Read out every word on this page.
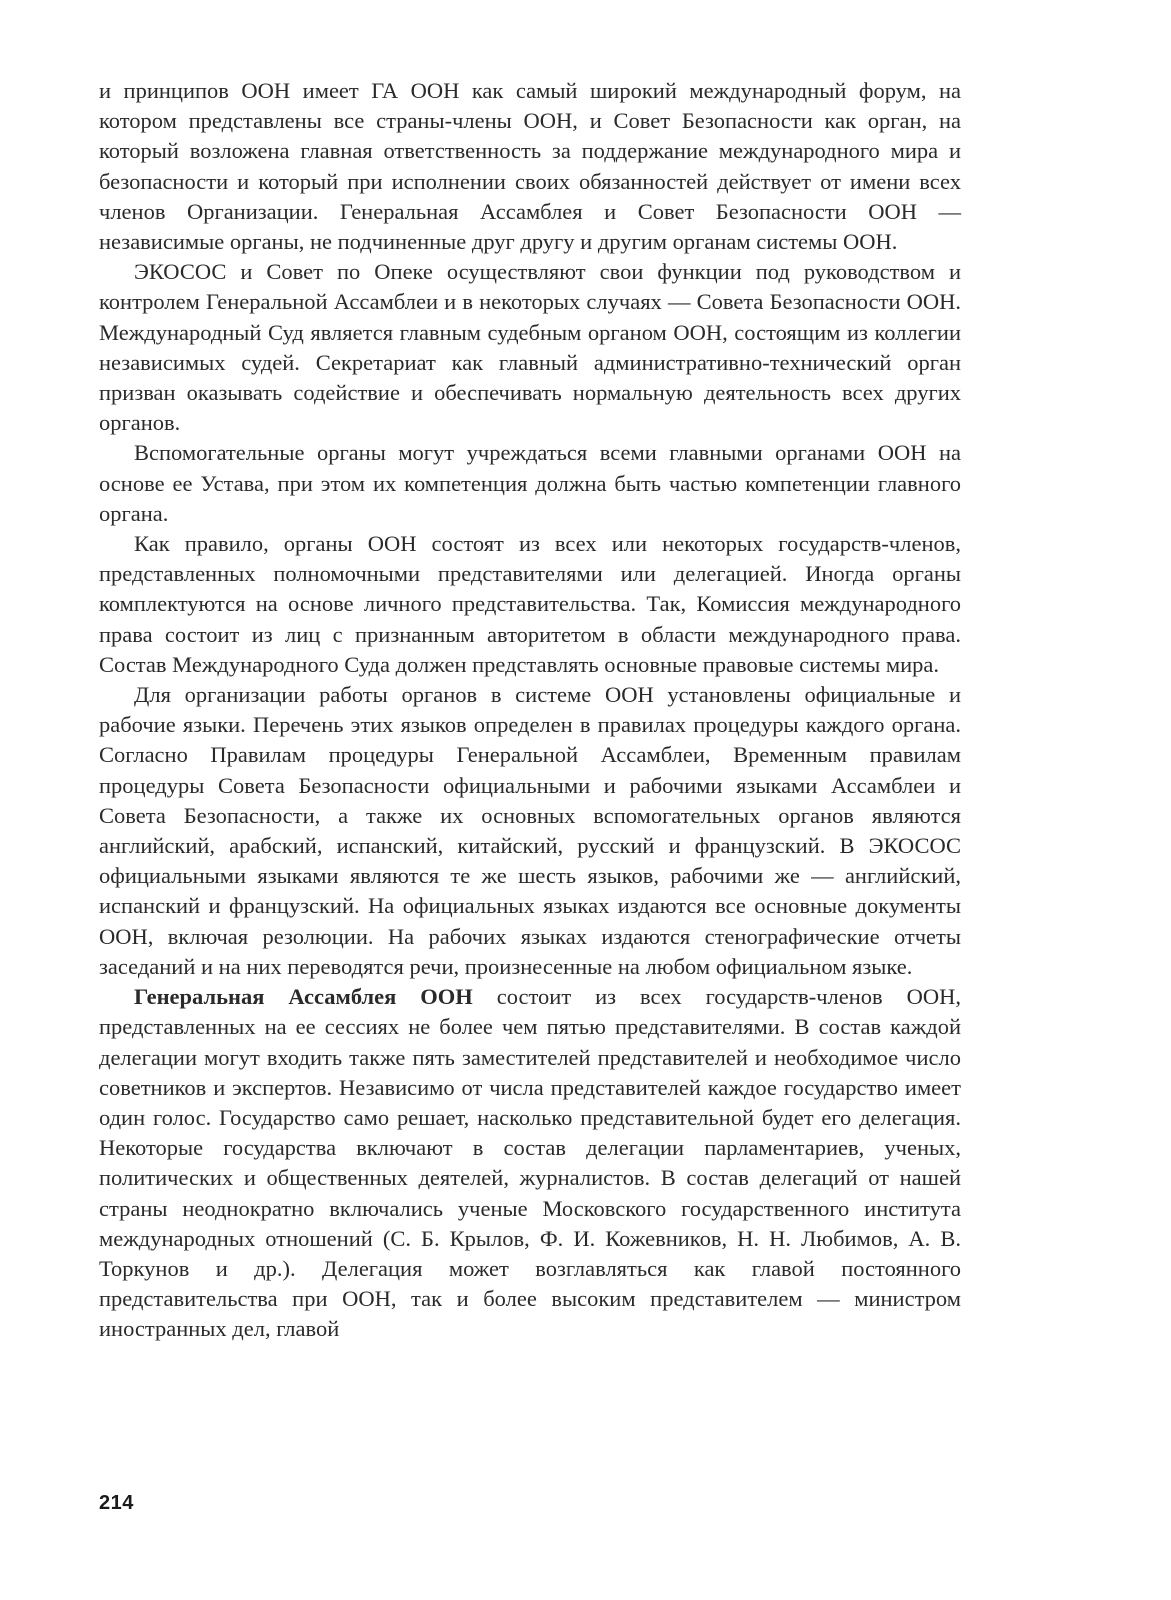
и принципов ООН имеет ГА ООН как самый широкий международный форум, на котором представлены все страны-члены ООН, и Совет Безопасности как орган, на который возложена главная ответственность за поддержание международного мира и безопасности и который при исполнении своих обязанностей действует от имени всех членов Организации. Генеральная Ассамблея и Совет Безопасности ООН — независимые органы, не подчиненные друг другу и другим органам системы ООН.

ЭКОСОС и Совет по Опеке осуществляют свои функции под руководством и контролем Генеральной Ассамблеи и в некоторых случаях — Совета Безопасности ООН. Международный Суд является главным судебным органом ООН, состоящим из коллегии независимых судей. Секретариат как главный административно-технический орган призван оказывать содействие и обеспечивать нормальную деятельность всех других органов.

Вспомогательные органы могут учреждаться всеми главными органами ООН на основе ее Устава, при этом их компетенция должна быть частью компетенции главного органа.

Как правило, органы ООН состоят из всех или некоторых государств-членов, представленных полномочными представителями или делегацией. Иногда органы комплектуются на основе личного представительства. Так, Комиссия международного права состоит из лиц с признанным авторитетом в области международного права. Состав Международного Суда должен представлять основные правовые системы мира.

Для организации работы органов в системе ООН установлены официальные и рабочие языки. Перечень этих языков определен в правилах процедуры каждого органа. Согласно Правилам процедуры Генеральной Ассамблеи, Временным правилам процедуры Совета Безопасности официальными и рабочими языками Ассамблеи и Совета Безопасности, а также их основных вспомогательных органов являются английский, арабский, испанский, китайский, русский и французский. В ЭКОСОС официальными языками являются те же шесть языков, рабочими же — английский, испанский и французский. На официальных языках издаются все основные документы ООН, включая резолюции. На рабочих языках издаются стенографические отчеты заседаний и на них переводятся речи, произнесенные на любом официальном языке.

Генеральная Ассамблея ООН состоит из всех государств-членов ООН, представленных на ее сессиях не более чем пятью представителями. В состав каждой делегации могут входить также пять заместителей представителей и необходимое число советников и экспертов. Независимо от числа представителей каждое государство имеет один голос. Государство само решает, насколько представительной будет его делегация. Некоторые государства включают в состав делегации парламентариев, ученых, политических и общественных деятелей, журналистов. В состав делегаций от нашей страны неоднократно включались ученые Московского государственного института международных отношений (С. Б. Крылов, Ф. И. Кожевников, Н. Н. Любимов, А. В. Торкунов и др.). Делегация может возглавляться как главой постоянного представительства при ООН, так и более высоким представителем — министром иностранных дел, главой

214
